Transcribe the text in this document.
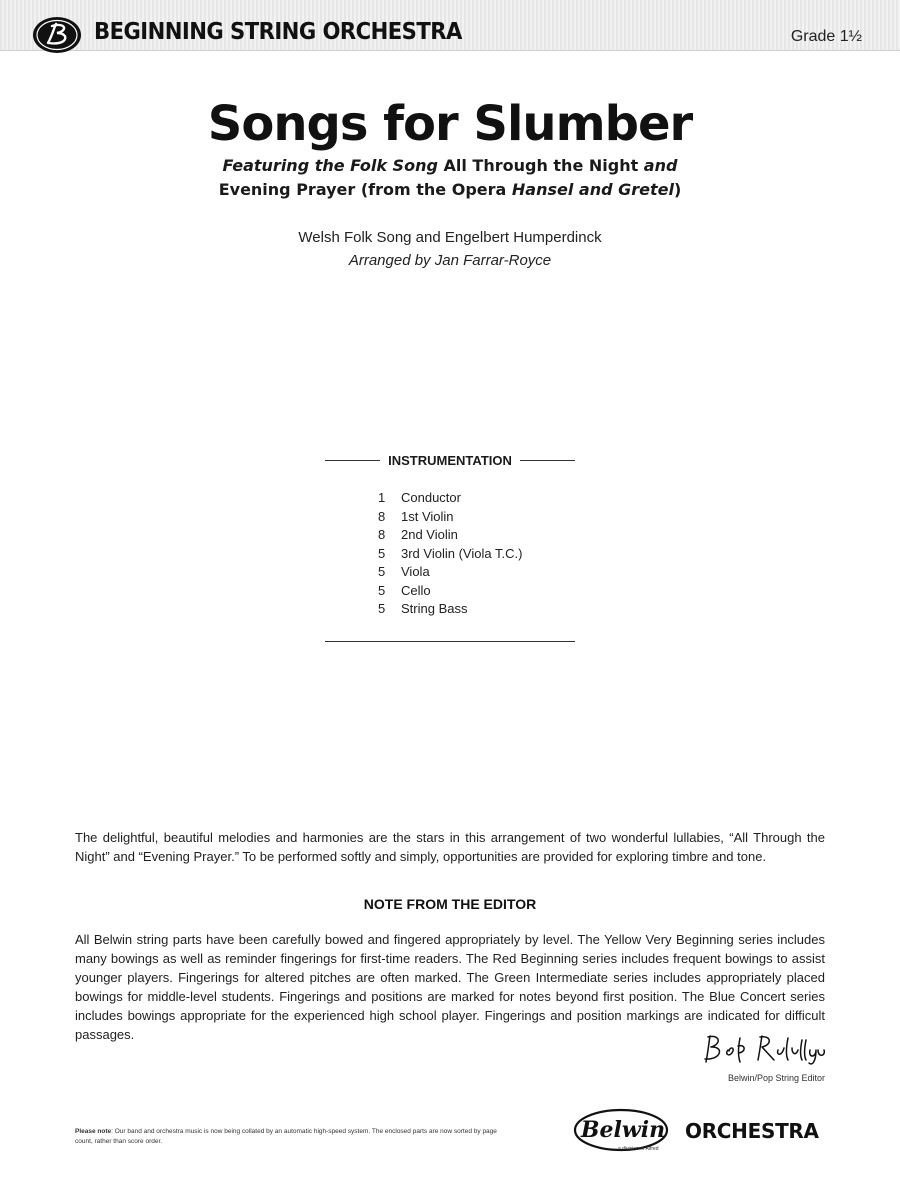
BEGINNING STRING ORCHESTRA	Grade 1½
Songs for Slumber
Featuring the Folk Song All Through the Night and
Evening Prayer (from the Opera Hansel and Gretel)
Welsh Folk Song and Engelbert Humperdinck
Arranged by Jan Farrar-Royce
INSTRUMENTATION
1	Conductor
8	1st Violin
8	2nd Violin
5	3rd Violin (Viola T.C.)
5	Viola
5	Cello
5	String Bass

The delightful, beautiful melodies and harmonies are the stars in this arrangement of two wonderful lullabies, “All Through the Night” and “Evening Prayer.” To be performed softly and simply, opportunities are provided for exploring timbre and tone.

NOTE FROM THE EDITOR

All Belwin string parts have been carefully bowed and fingered appropriately by level. The Yellow Very Beginning series includes many bowings as well as reminder fingerings for first-time readers. The Red Beginning series includes frequent bowings to assist younger players. Fingerings for altered pitches are often marked. The Green Intermediate series includes appropriately placed bowings for middle-level students. Fingerings and positions are marked for notes beyond first position. The Blue Concert series includes bowings appropriate for the experienced high school player. Fingerings and position markings are indicated for difficult passages.

Belwin/Pop String Editor

Please note: Our band and orchestra music is now being collated by an automatic high-speed system. The enclosed parts are now sorted by page count, rather than score order.	Belwin
a division of Alfred
ORCHESTRA
